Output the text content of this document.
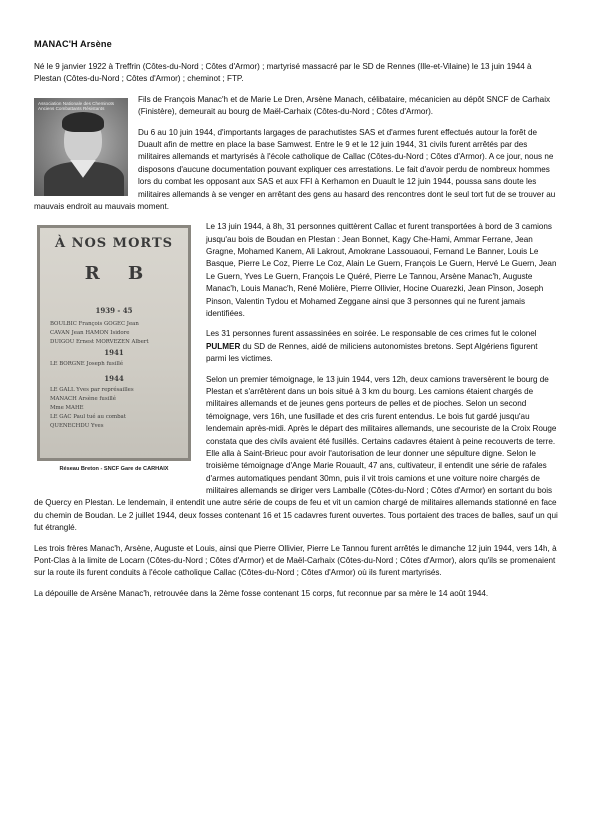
MANAC'H Arsène

Né le 9 janvier 1922 à Treffrin (Côtes-du-Nord ; Côtes d'Armor) ; martyrisé massacré par le SD de Rennes (Ille-et-Vilaine) le 13 juin 1944 à Plestan (Côtes-du-Nord ; Côtes d'Armor) ; cheminot ; FTP.

Association Nationale des Cheminots Anciens Combattants Résistants

Fils de François Manac'h et de Marie Le Dren, Arsène Manach, célibataire, mécanicien au dépôt SNCF de Carhaix (Finistère), demeurait au bourg de Maël-Carhaix (Côtes-du-Nord ; Côtes d'Armor).

Du 6 au 10 juin 1944, d'importants largages de parachutistes SAS et d'armes furent effectués autour la forêt de Duault afin de mettre en place la base Samwest. Entre le 9 et le 12 juin 1944, 31 civils furent arrêtés par des militaires allemands et martyrisés à l'école catholique de Callac (Côtes-du-Nord ; Côtes d'Armor). A ce jour, nous ne disposons d'aucune documentation pouvant expliquer ces arrestations. Le fait d'avoir perdu de nombreux hommes lors du combat les opposant aux SAS et aux FFI à Kerhamon en Duault le 12 juin 1944, poussa sans doute les militaires allemands à se venger en arrêtant des gens au hasard des rencontres dont le seul tort fut de se trouver au mauvais endroit au mauvais moment.

À NOS MORTS
R B
1939 - 45
BOULBIC François GOGEC Jean
CAVAN Jean HAMON Isidore
DUIGOU Ernest MORVEZEN Albert
1941
LE BORGNE Joseph fusillé
1944
LE GALL Yves par représailles
MANACH Arsène fusillé
Mme MAHE
LE GAC Paul tué au combat
QUENECHDU Yves
Réseau Breton - SNCF Gare de CARHAIX

Le 13 juin 1944, à 8h, 31 personnes quittèrent Callac et furent transportées à bord de 3 camions jusqu'au bois de Boudan en Plestan : Jean Bonnet, Kagy Che-Hami, Ammar Ferrane, Jean Gragne, Mohamed Kanem, Ali Lakrout, Amokrane Lassouaoui, Fernand Le Banner, Louis Le Basque, Pierre Le Coz, Pierre Le Coz, Alain Le Guern, François Le Guern, Hervé Le Guern, Jean Le Guern, Yves Le Guern, François Le Quéré, Pierre Le Tannou, Arsène Manac'h, Auguste Manac'h, Louis Manac'h, René Molière, Pierre Ollivier, Hocine Ouarezki, Jean Pinson, Joseph Pinson, Valentin Tydou et Mohamed Zeggane ainsi que 3 personnes qui ne furent jamais identifiées.

Les 31 personnes furent assassinées en soirée. Le responsable de ces crimes fut le colonel PULMER du SD de Rennes, aidé de miliciens autonomistes bretons. Sept Algériens figurent parmi les victimes.

Selon un premier témoignage, le 13 juin 1944, vers 12h, deux camions traversèrent le bourg de Plestan et s'arrêtèrent dans un bois situé à 3 km du bourg. Les camions étaient chargés de militaires allemands et de jeunes gens porteurs de pelles et de pioches. Selon un second témoignage, vers 16h, une fusillade et des cris furent entendus. Le bois fut gardé jusqu'au lendemain après-midi. Après le départ des militaires allemands, une secouriste de la Croix Rouge constata que des civils avaient été fusillés. Certains cadavres étaient à peine recouverts de terre. Elle alla à Saint-Brieuc pour avoir l'autorisation de leur donner une sépulture digne. Selon le troisième témoignage d'Ange Marie Rouault, 47 ans, cultivateur, il entendit une série de rafales d'armes automatiques pendant 30mn, puis il vit trois camions et une voiture noire chargés de militaires allemands se diriger vers Lamballe (Côtes-du-Nord ; Côtes d'Armor) en sortant du bois de Quercy en Plestan. Le lendemain, il entendit une autre série de coups de feu et vit un camion chargé de militaires allemands stationné en face du chemin de Boudan. Le 2 juillet 1944, deux fosses contenant 16 et 15 cadavres furent ouvertes. Tous portaient des traces de balles, sauf un qui fut étranglé.

Les trois frères Manac'h, Arsène, Auguste et Louis, ainsi que Pierre Ollivier, Pierre Le Tannou furent arrêtés le dimanche 12 juin 1944, vers 14h, à Pont-Clas à la limite de Locarn (Côtes-du-Nord ; Côtes d'Armor) et de Maël-Carhaix (Côtes-du-Nord ; Côtes d'Armor), alors qu'ils se promenaient sur la route ils furent conduits à l'école catholique Callac (Côtes-du-Nord ; Côtes d'Armor) où ils furent martyrisés.

La dépouille de Arsène Manac'h, retrouvée dans la 2ème fosse contenant 15 corps, fut reconnue par sa mère le 14 août 1944.
